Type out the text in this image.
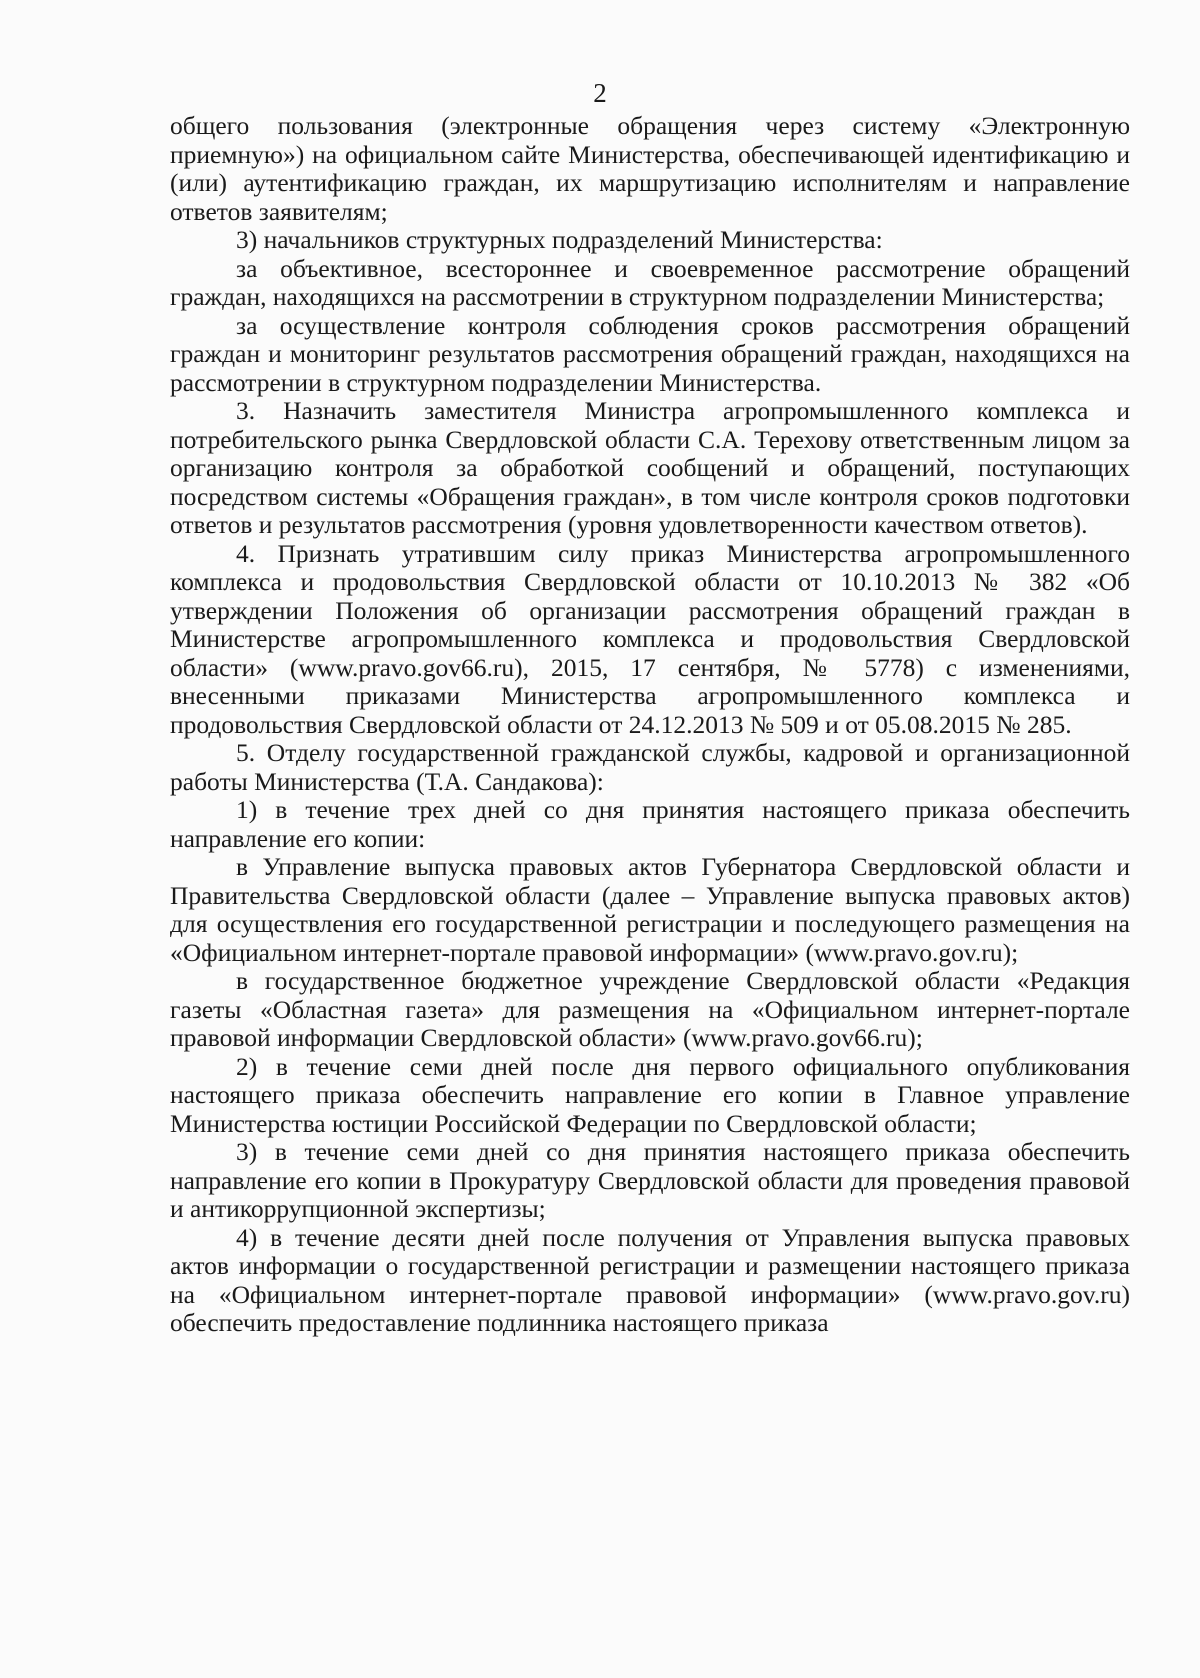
2

общего пользования (электронные обращения через систему «Электронную приемную») на официальном сайте Министерства, обеспечивающей идентификацию и (или) аутентификацию граждан, их маршрутизацию исполнителям и направление ответов заявителям;

3) начальников структурных подразделений Министерства:

за объективное, всестороннее и своевременное рассмотрение обращений граждан, находящихся на рассмотрении в структурном подразделении Министерства;

за осуществление контроля соблюдения сроков рассмотрения обращений граждан и мониторинг результатов рассмотрения обращений граждан, находящихся на рассмотрении в структурном подразделении Министерства.

3. Назначить заместителя Министра агропромышленного комплекса и потребительского рынка Свердловской области С.А. Терехову ответственным лицом за организацию контроля за обработкой сообщений и обращений, поступающих посредством системы «Обращения граждан», в том числе контроля сроков подготовки ответов и результатов рассмотрения (уровня удовлетворенности качеством ответов).

4. Признать утратившим силу приказ Министерства агропромышленного комплекса и продовольствия Свердловской области от 10.10.2013 № 382 «Об утверждении Положения об организации рассмотрения обращений граждан в Министерстве агропромышленного комплекса и продовольствия Свердловской области» (www.pravo.gov66.ru), 2015, 17 сентября, № 5778) с изменениями, внесенными приказами Министерства агропромышленного комплекса и продовольствия Свердловской области от 24.12.2013 № 509 и от 05.08.2015 № 285.

5. Отделу государственной гражданской службы, кадровой и организационной работы Министерства (Т.А. Сандакова):

1) в течение трех дней со дня принятия настоящего приказа обеспечить направление его копии:

в Управление выпуска правовых актов Губернатора Свердловской области и Правительства Свердловской области (далее – Управление выпуска правовых актов) для осуществления его государственной регистрации и последующего размещения на «Официальном интернет-портале правовой информации» (www.pravo.gov.ru);

в государственное бюджетное учреждение Свердловской области «Редакция газеты «Областная газета» для размещения на «Официальном интернет-портале правовой информации Свердловской области» (www.pravo.gov66.ru);

2) в течение семи дней после дня первого официального опубликования настоящего приказа обеспечить направление его копии в Главное управление Министерства юстиции Российской Федерации по Свердловской области;

3) в течение семи дней со дня принятия настоящего приказа обеспечить направление его копии в Прокуратуру Свердловской области для проведения правовой и антикоррупционной экспертизы;

4) в течение десяти дней после получения от Управления выпуска правовых актов информации о государственной регистрации и размещении настоящего приказа на «Официальном интернет-портале правовой информации» (www.pravo.gov.ru) обеспечить предоставление подлинника настоящего приказа
